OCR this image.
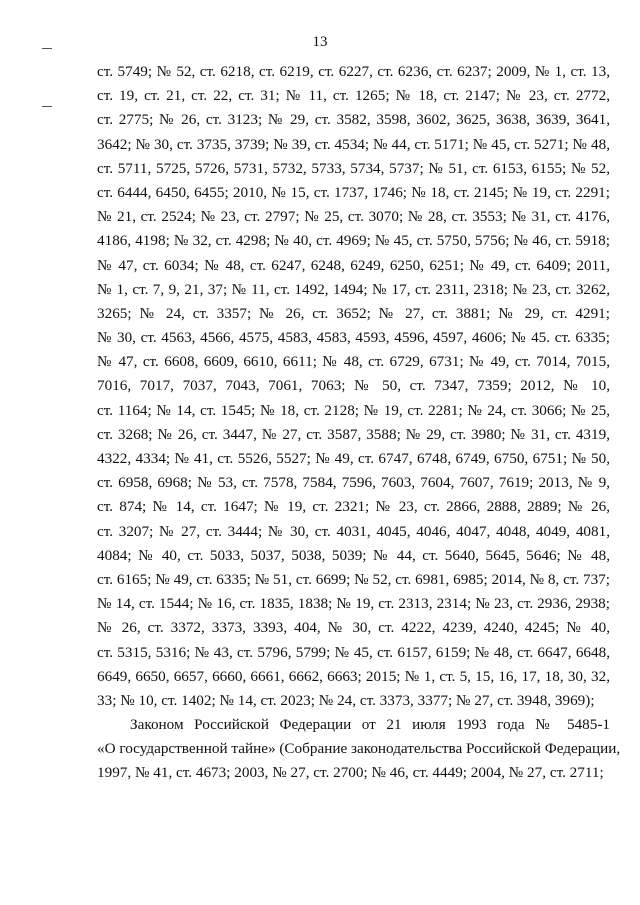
13
ст. 5749; № 52, ст. 6218, ст. 6219, ст. 6227, ст. 6236, ст. 6237; 2009, № 1, ст. 13,
ст. 19, ст. 21, ст. 22, ст. 31; № 11, ст. 1265; № 18, ст. 2147; № 23, ст. 2772,
ст. 2775; № 26, ст. 3123; № 29, ст. 3582, 3598, 3602, 3625, 3638, 3639, 3641,
3642; № 30, ст. 3735, 3739; № 39, ст. 4534; № 44, ст. 5171; № 45, ст. 5271; № 48,
ст. 5711, 5725, 5726, 5731, 5732, 5733, 5734, 5737; № 51, ст. 6153, 6155; № 52,
ст. 6444, 6450, 6455; 2010, № 15, ст. 1737, 1746; № 18, ст. 2145; № 19, ст. 2291;
№ 21, ст. 2524; № 23, ст. 2797; № 25, ст. 3070; № 28, ст. 3553; № 31, ст. 4176,
4186, 4198; № 32, ст. 4298; № 40, ст. 4969; № 45, ст. 5750, 5756; № 46, ст. 5918;
№ 47, ст. 6034; № 48, ст. 6247, 6248, 6249, 6250, 6251; № 49, ст. 6409; 2011,
№ 1, ст. 7, 9, 21, 37; № 11, ст. 1492, 1494; № 17, ст. 2311, 2318; № 23, ст. 3262,
3265; № 24, ст. 3357; № 26, ст. 3652; № 27, ст. 3881; № 29, ст. 4291;
№ 30, ст. 4563, 4566, 4575, 4583, 4583, 4593, 4596, 4597, 4606; № 45. ст. 6335;
№ 47, ст. 6608, 6609, 6610, 6611; № 48, ст. 6729, 6731; № 49, ст. 7014, 7015,
7016, 7017, 7037, 7043, 7061, 7063; № 50, ст. 7347, 7359; 2012, № 10,
ст. 1164; № 14, ст. 1545; № 18, ст. 2128; № 19, ст. 2281; № 24, ст. 3066; № 25,
ст. 3268; № 26, ст. 3447, № 27, ст. 3587, 3588; № 29, ст. 3980; № 31, ст. 4319,
4322, 4334; № 41, ст. 5526, 5527; № 49, ст. 6747, 6748, 6749, 6750, 6751; № 50,
ст. 6958, 6968; № 53, ст. 7578, 7584, 7596, 7603, 7604, 7607, 7619; 2013, № 9,
ст. 874; № 14, ст. 1647; № 19, ст. 2321; № 23, ст. 2866, 2888, 2889; № 26,
ст. 3207; № 27, ст. 3444; № 30, ст. 4031, 4045, 4046, 4047, 4048, 4049, 4081,
4084; № 40, ст. 5033, 5037, 5038, 5039; № 44, ст. 5640, 5645, 5646; № 48,
ст. 6165; № 49, ст. 6335; № 51, ст. 6699; № 52, ст. 6981, 6985; 2014, № 8, ст. 737;
№ 14, ст. 1544; № 16, ст. 1835, 1838; № 19, ст. 2313, 2314; № 23, ст. 2936, 2938;
№ 26, ст. 3372, 3373, 3393, 404, № 30, ст. 4222, 4239, 4240, 4245; № 40,
ст. 5315, 5316; № 43, ст. 5796, 5799; № 45, ст. 6157, 6159; № 48, ст. 6647, 6648,
6649, 6650, 6657, 6660, 6661, 6662, 6663; 2015; № 1, ст. 5, 15, 16, 17, 18, 30, 32,
33; № 10, ст. 1402; № 14, ст. 2023; № 24, ст. 3373, 3377; № 27, ст. 3948, 3969);
Законом Российской Федерации от 21 июля 1993 года № 5485-1
«О государственной тайне» (Собрание законодательства Российской Федерации,
1997, № 41, ст. 4673; 2003, № 27, ст. 2700; № 46, ст. 4449; 2004, № 27, ст. 2711;
